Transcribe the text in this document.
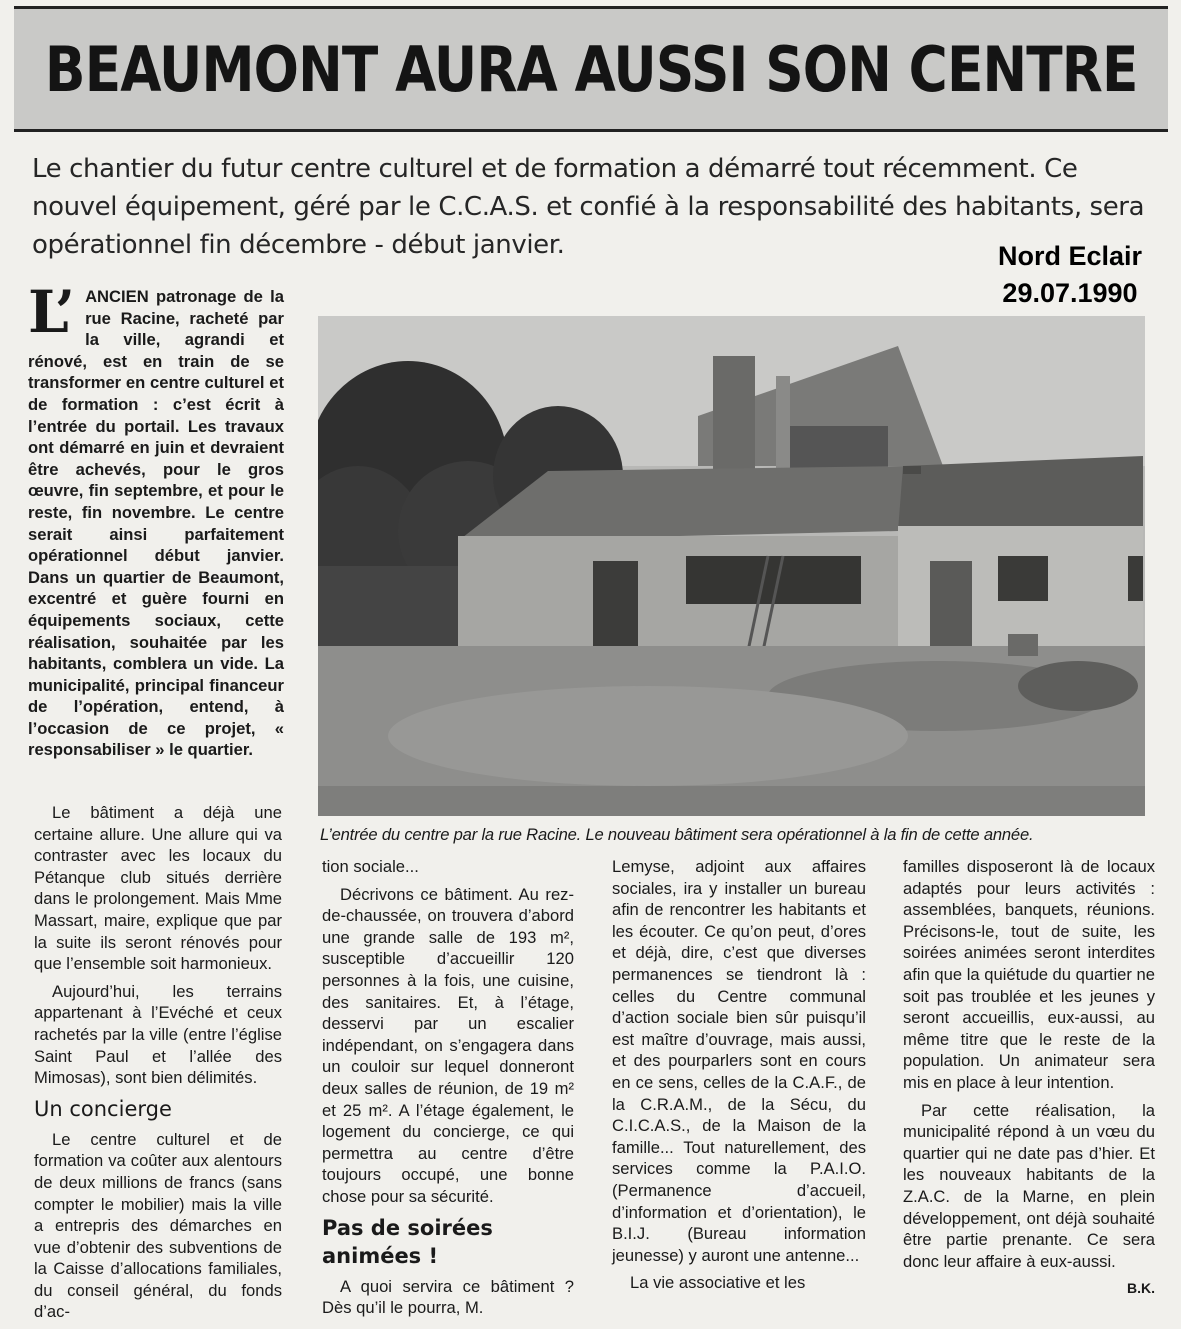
BEAUMONT AURA AUSSI SON CENTRE

Le chantier du futur centre culturel et de formation a démarré tout récemment. Ce nouvel équipement, géré par le C.C.A.S. et confié à la responsabilité des habitants, sera opérationnel fin décembre - début janvier.	Nord Eclair
29.07.1990
L’ ANCIEN patronage de la rue Racine, racheté par la ville, agrandi et rénové, est en train de se transformer en centre culturel et de formation : c’est écrit à l’entrée du portail. Les travaux ont démarré en juin et devraient être achevés, pour le gros œuvre, fin septembre, et pour le reste, fin novembre. Le centre serait ainsi parfaitement opérationnel début janvier. Dans un quartier de Beaumont, excentré et guère fourni en équipements sociaux, cette réalisation, souhaitée par les habitants, comblera un vide. La municipalité, principal financeur de l’opération, entend, à l’occasion de ce projet, « responsabiliser » le quartier.
L’entrée du centre par la rue Racine. Le nouveau bâtiment sera opérationnel à la fin de cette année.

Le bâtiment a déjà une certaine allure. Une allure qui va contraster avec les locaux du Pétanque club situés derrière dans le prolongement. Mais Mme Massart, maire, explique que par la suite ils seront rénovés pour que l’ensemble soit harmonieux.

Aujourd’hui, les terrains appartenant à l’Evéché et ceux rachetés par la ville (entre l’église Saint Paul et l’allée des Mimosas), sont bien délimités.

Un concierge

Le centre culturel et de formation va coûter aux alentours de deux millions de francs (sans compter le mobilier) mais la ville a entrepris des démarches en vue d’obtenir des subventions de la Caisse d’allocations familiales, du conseil général, du fonds d’ac-

tion sociale...

Décrivons ce bâtiment. Au rez-de-chaussée, on trouvera d’abord une grande salle de 193 m², susceptible d’accueillir 120 personnes à la fois, une cuisine, des sanitaires. Et, à l’étage, desservi par un escalier indépendant, on s’engagera dans un couloir sur lequel donneront deux salles de réunion, de 19 m² et 25 m². A l’étage également, le logement du concierge, ce qui permettra au centre d’être toujours occupé, une bonne chose pour sa sécurité.

Pas de soirées animées !

A quoi servira ce bâtiment ? Dès qu’il le pourra, M.

Lemyse, adjoint aux affaires sociales, ira y installer un bureau afin de rencontrer les habitants et les écouter. Ce qu’on peut, d’ores et déjà, dire, c’est que diverses permanences se tiendront là : celles du Centre communal d’action sociale bien sûr puisqu’il est maître d’ouvrage, mais aussi, et des pourparlers sont en cours en ce sens, celles de la C.A.F., de la C.R.A.M., de la Sécu, du C.I.C.A.S., de la Maison de la famille... Tout naturellement, des services comme la P.A.I.O. (Permanence d’accueil, d’information et d’orientation), le B.I.J. (Bureau information jeunesse) y auront une antenne...

La vie associative et les

familles disposeront là de locaux adaptés pour leurs activités : assemblées, banquets, réunions. Précisons-le, tout de suite, les soirées animées seront interdites afin que la quiétude du quartier ne soit pas troublée et les jeunes y seront accueillis, eux-aussi, au même titre que le reste de la population. Un animateur sera mis en place à leur intention.

Par cette réalisation, la municipalité répond à un vœu du quartier qui ne date pas d’hier. Et les nouveaux habitants de la Z.A.C. de la Marne, en plein développement, ont déjà souhaité être partie prenante. Ce sera donc leur affaire à eux-aussi.

B.K.
